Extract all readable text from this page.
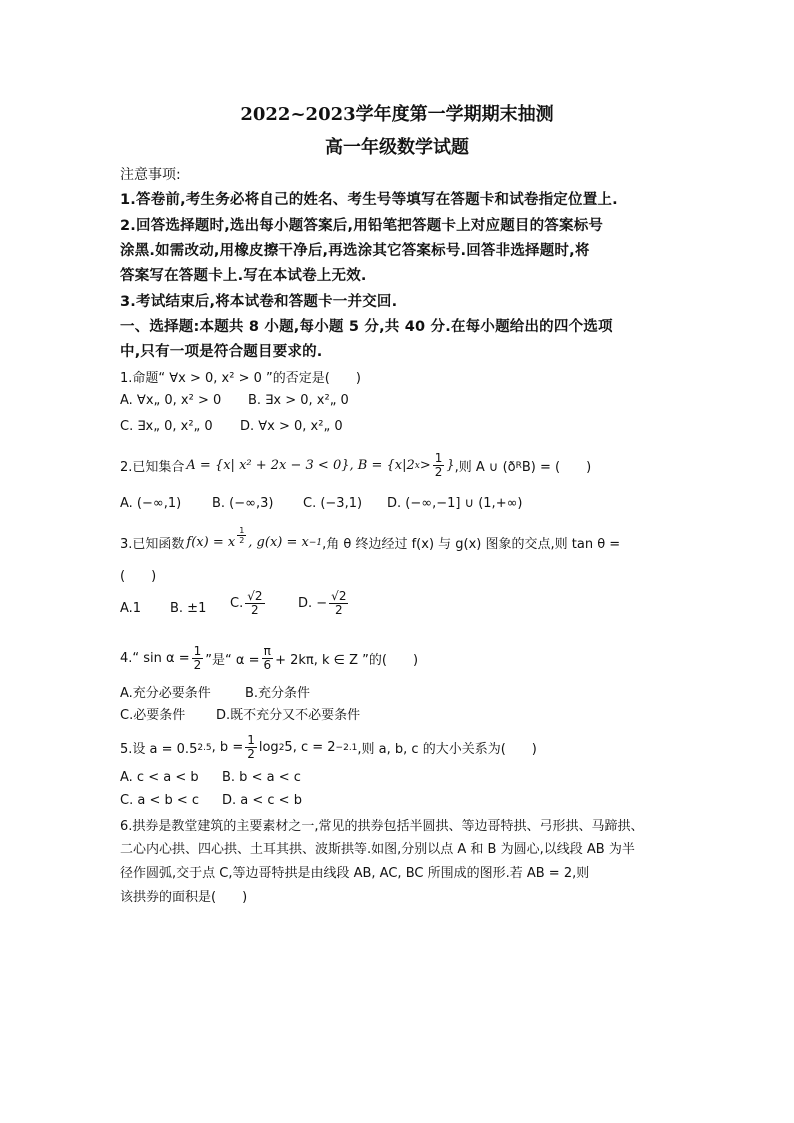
2022~2023学年度第一学期期末抽测
高一年级数学试题
注意事项:
1.答卷前,考生务必将自己的姓名、考生号等填写在答题卡和试卷指定位置上.
2.回答选择题时,选出每小题答案后,用铅笔把答题卡上对应题目的答案标号
涂黑.如需改动,用橡皮擦干净后,再选涂其它答案标号.回答非选择题时,将
答案写在答题卡上.写在本试卷上无效.
3.考试结束后,将本试卷和答题卡一并交回.
一、选择题:本题共 8 小题,每小题 5 分,共 40 分.在每小题给出的四个选项
中,只有一项是符合题目要求的.
1.命题“ ∀x > 0, x² > 0 ”的否定是(　　)
A. ∀x„ 0, x² > 0 B. ∃x > 0, x²„ 0
C. ∃x„ 0, x²„ 0 D. ∀x > 0, x²„ 0
2.已知集合 A = {x| x² + 2x − 3 < 0} , B = {x|2 $x > \frac{1}{2}$ } ,则 A ∪ (ð R B) = (　　)
A. (−∞,1) B. (−∞,3) C. (−3,1) D. (−∞,−1] ∪ (1,+∞)
3.已知函数 f(x) = x $\frac{1}{2}$ , g(x) = x −1 ,角 θ 终边经过 f(x) 与 g(x) 图象的交点,则 tan θ =
(　　)
A.1 B. ±1 C. $\frac{√2}{2}$	D. − $\frac{√2}{2}$
4.“ $\sin \alpha = \frac{1}{2}$ ”是“ $\alpha = \frac{\pi}{6} + 2k\pi$, k ∈ Z ”的(　　)
A.充分必要条件	B.充分条件
C.必要条件 D.既不充分又不必要条件
5.设 a = 0.5 2.5 , $b = \frac{1}{2}$ log 2 5, c = 2 −2.1 ,则 a, b, c 的大小关系为(　　)
A. c < a < b B. b < a < c
C. a < b < c D. a < c < b
6.拱券是教堂建筑的主要素材之一,常见的拱券包括半圆拱、等边哥特拱、弓形拱、马蹄拱、
二心内心拱、四心拱、土耳其拱、波斯拱等.如图,分别以点 A 和 B 为圆心,以线段 AB 为半
径作圆弧,交于点 C,等边哥特拱是由线段 AB, AC, BC 所围成的图形.若 AB = 2,则
该拱券的面积是(　　)
